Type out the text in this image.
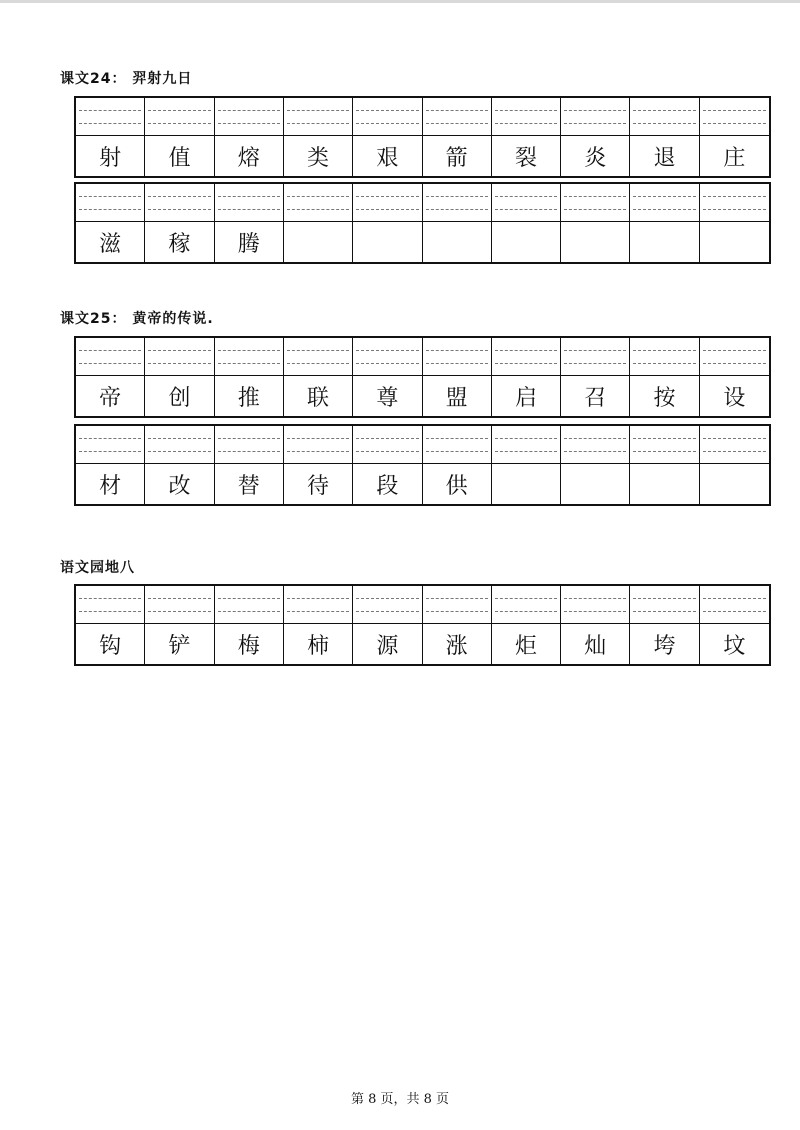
课文24： 羿射九日
射	值	熔	类	艰	箭	裂	炎	退	庄
滋	稼	腾
课文25： 黄帝的传说.
帝	创	推	联	尊	盟	启	召	按	设
材	改	替	待	段	供
语文园地八
钩	铲	梅	柿	源	涨	炬	灿	垮	坟
第 8 页，共 8 页
